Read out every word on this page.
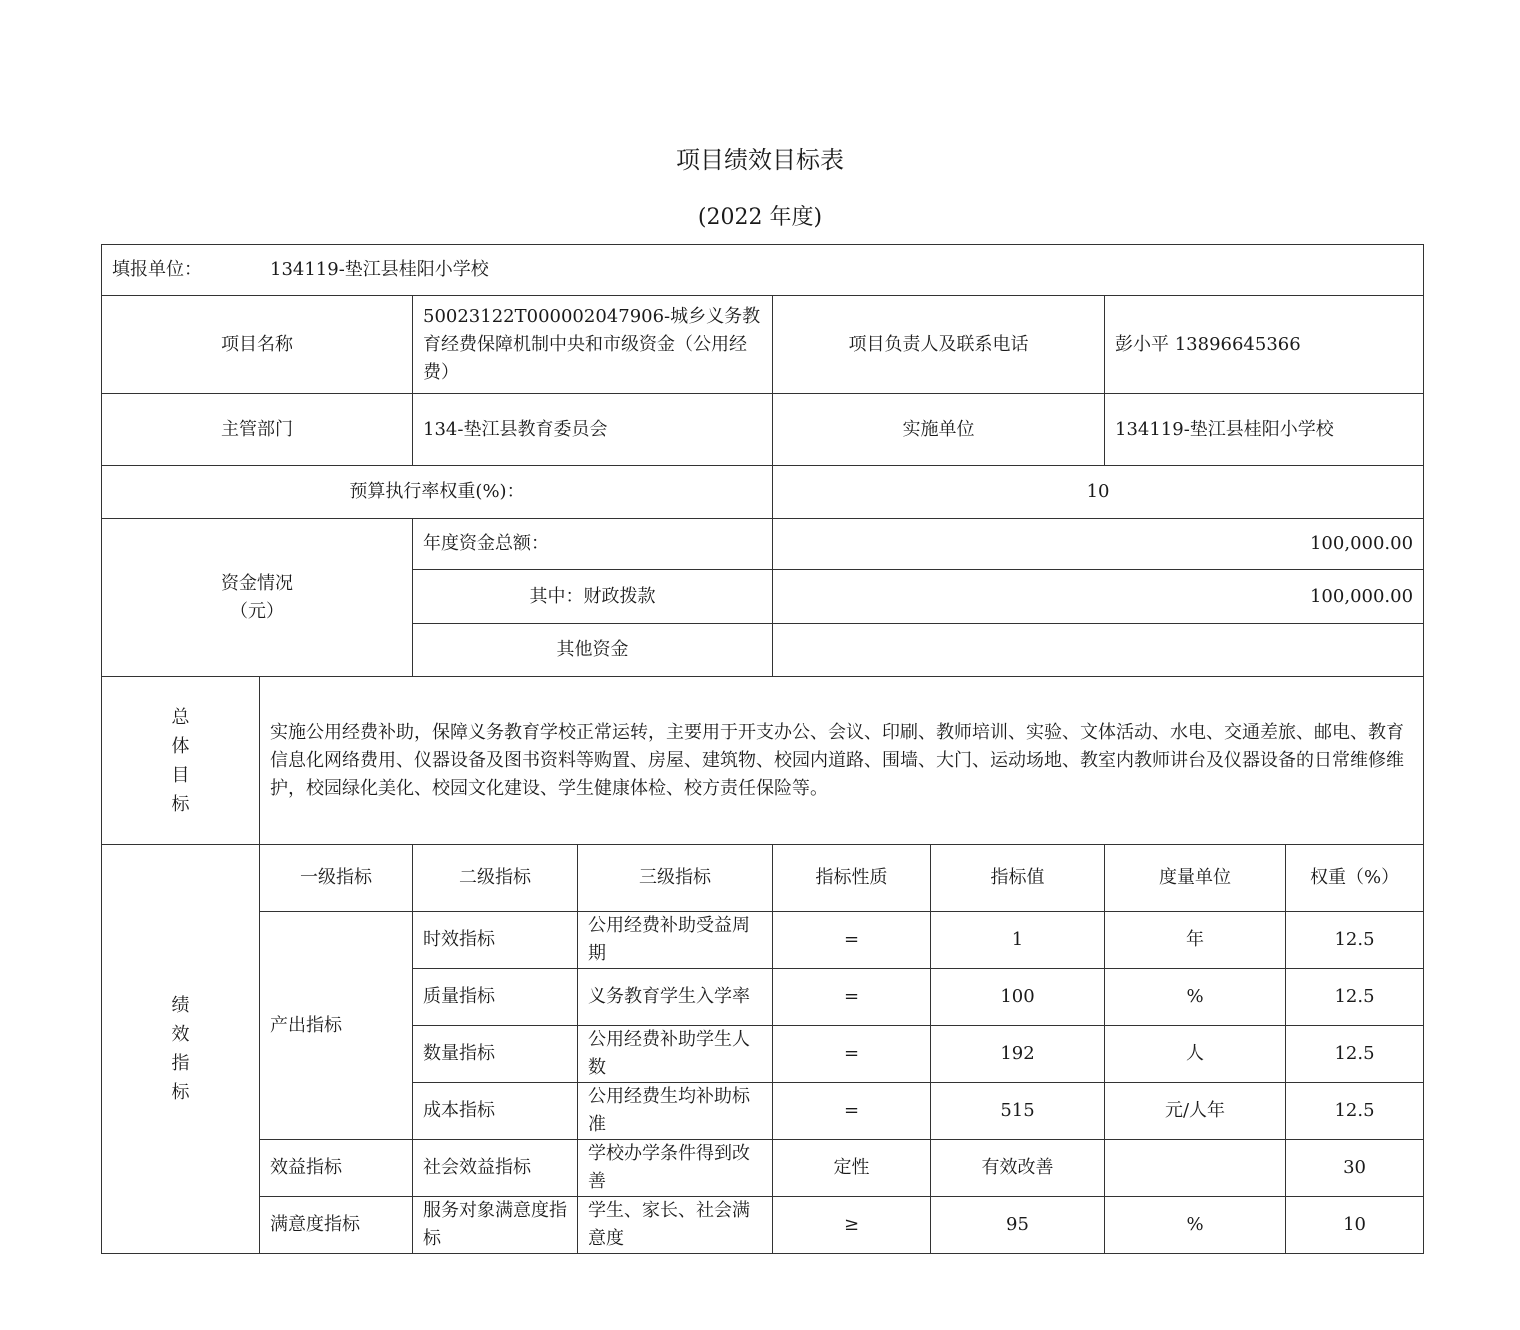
项目绩效目标表
(2022 年度)
填报单位： 134119-垫江县桂阳小学校							
项目名称		50023122T000002047906-城乡义务教育经费保障机制中央和市级资金（公用经费）		项目负责人及联系电话		彭小平 13896645366	
主管部门		134-垫江县教育委员会		实施单位		134119-垫江县桂阳小学校	
预算执行率权重(%)：				10			

资金情况
（元）		年度资金总额：		100,000.00			
		其中：财政拨款		100,000.00			
		其他资金					

总
体
目
标	实施公用经费补助，保障义务教育学校正常运转，主要用于开支办公、会议、印刷、教师培训、实验、文体活动、水电、交通差旅、邮电、教育信息化网络费用、仪器设备及图书资料等购置、房屋、建筑物、校园内道路、围墙、大门、运动场地、教室内教师讲台及仪器设备的日常维修维护，校园绿化美化、校园文化建设、学生健康体检、校方责任保险等。						

绩
效
指
标	一级指标	二级指标	三级指标	指标性质	指标值	度量单位	权重（%）
	产出指标	时效指标	公用经费补助受益周期	=	1	年	12.5
		质量指标	义务教育学生入学率	=	100	%	12.5
		数量指标	公用经费补助学生人数	=	192	人	12.5
		成本指标	公用经费生均补助标准	=	515	元/人年	12.5
	效益指标	社会效益指标	学校办学条件得到改善	定性	有效改善		30
	满意度指标	服务对象满意度指标	学生、家长、社会满意度	≥	95	%	10
